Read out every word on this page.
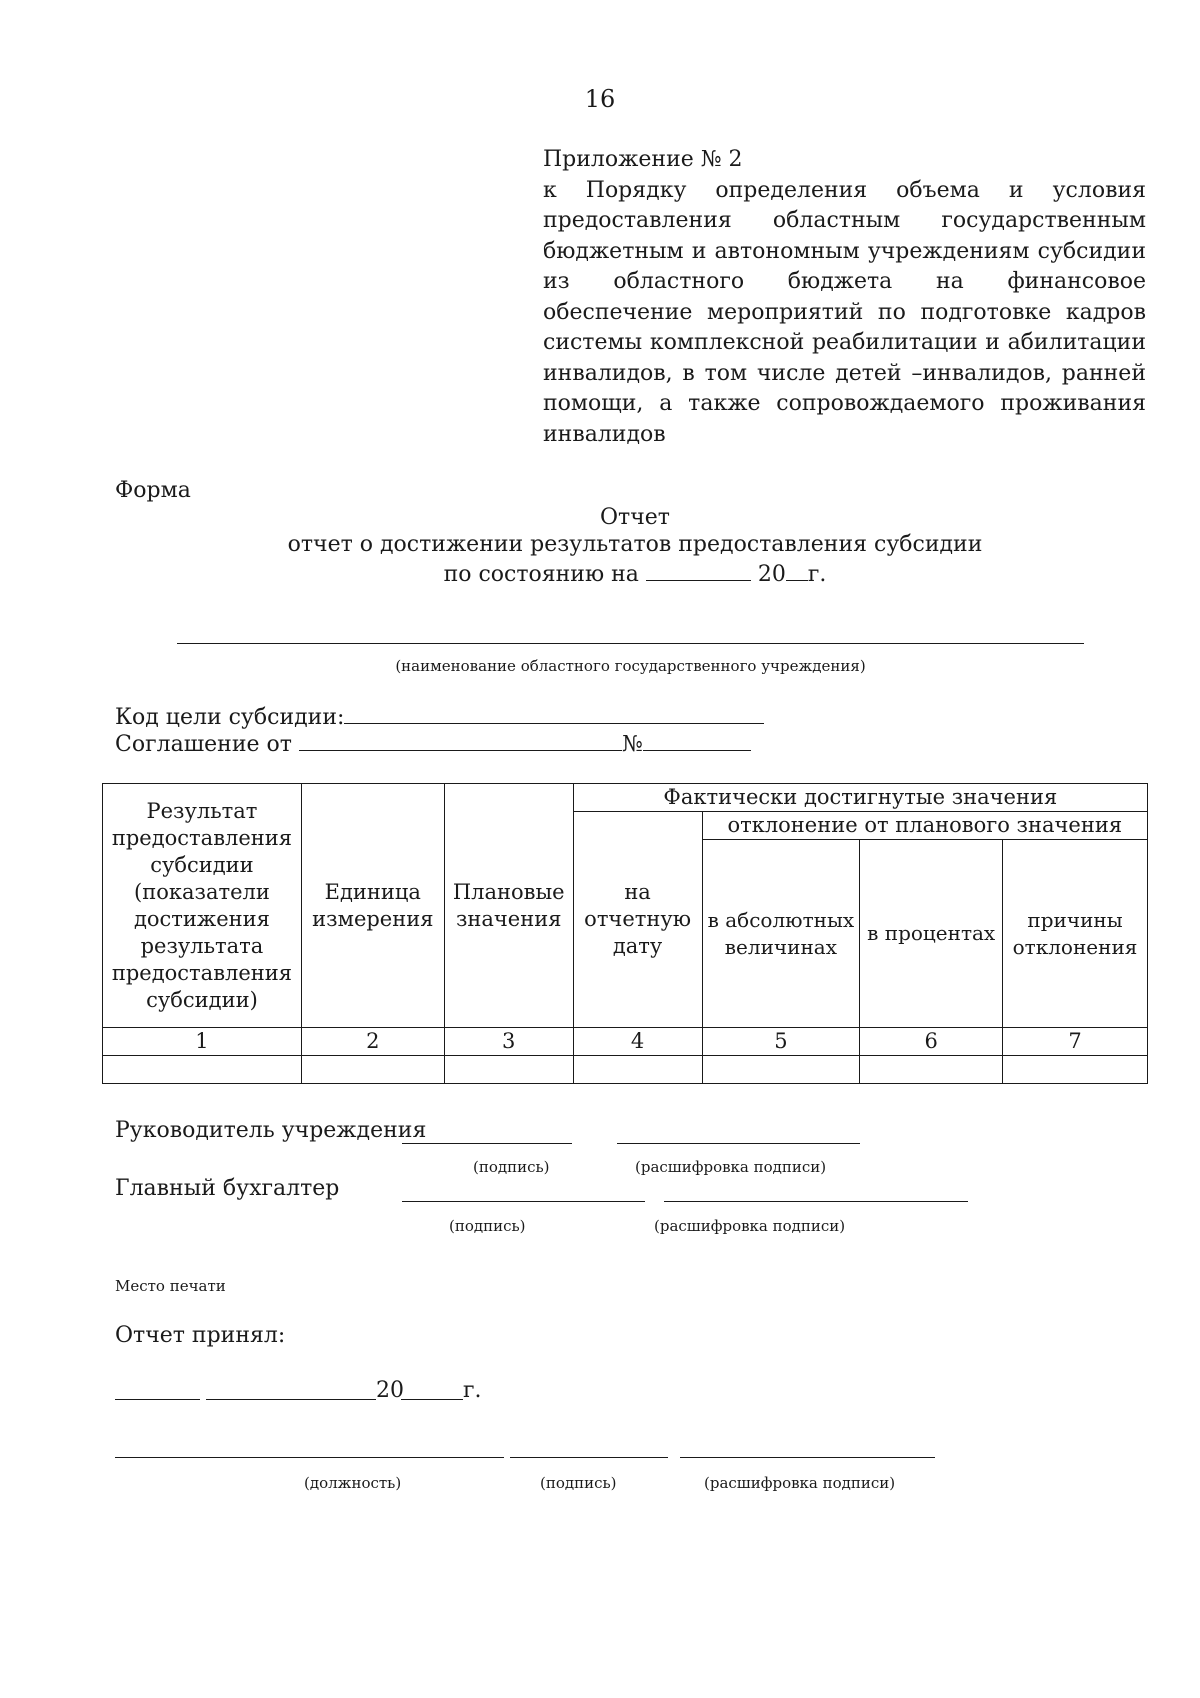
16
Приложение № 2
к Порядку определения объема и условия предоставления областным государственным бюджетным и автономным учреждениям субсидии из областного бюджета на финансовое обеспечение мероприятий по подготовке кадров системы комплексной реабилитации и абилитации инвалидов, в том числе детей –инвалидов, ранней помощи, а также сопровождаемого проживания инвалидов
Форма
Отчет
отчет о достижении результатов предоставления субсидии
по состоянию на	20 г.
(наименование областного государственного учреждения)
Код цели субсидии:
Соглашение от	№
Результат предоставления субсидии (показатели достижения результата предоставления субсидии)	Единица измерения	Плановые значения	Фактически достигнутые значения			
			на отчетную дату	отклонение от планового значения		
				в абсолютных величинах	в процентах	причины отклонения
1	2	3	4	5	6	7

Руководитель учреждения
(подпись)	(расшифровка подписи)
Главный бухгалтер
(подпись)	(расшифровка подписи)
Место печати
Отчет принял:
20	г.
(должность)	(подпись)	(расшифровка подписи)
